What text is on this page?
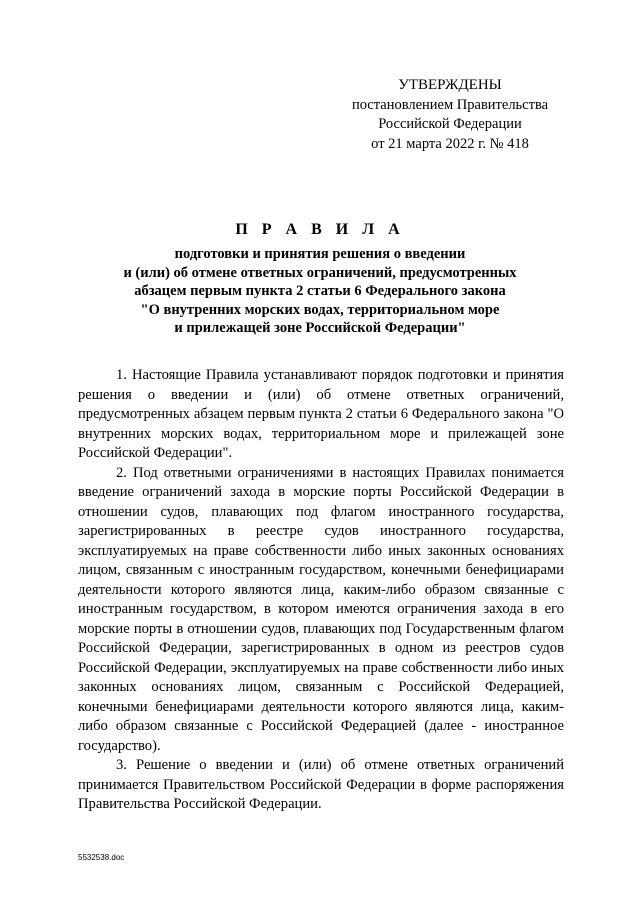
УТВЕРЖДЕНЫ
постановлением Правительства
Российской Федерации
от 21 марта 2022 г. № 418
П Р А В И Л А
подготовки и принятия решения о введении
и (или) об отмене ответных ограничений, предусмотренных
абзацем первым пункта 2 статьи 6 Федерального закона
"О внутренних морских водах, территориальном море
и прилежащей зоне Российской Федерации"

1. Настоящие Правила устанавливают порядок подготовки и принятия решения о введении и (или) об отмене ответных ограничений, предусмотренных абзацем первым пункта 2 статьи 6 Федерального закона "О внутренних морских водах, территориальном море и прилежащей зоне Российской Федерации".

2. Под ответными ограничениями в настоящих Правилах понимается введение ограничений захода в морские порты Российской Федерации в отношении судов, плавающих под флагом иностранного государства, зарегистрированных в реестре судов иностранного государства, эксплуатируемых на праве собственности либо иных законных основаниях лицом, связанным с иностранным государством, конечными бенефициарами деятельности которого являются лица, каким-либо образом связанные с иностранным государством, в котором имеются ограничения захода в его морские порты в отношении судов, плавающих под Государственным флагом Российской Федерации, зарегистрированных в одном из реестров судов Российской Федерации, эксплуатируемых на праве собственности либо иных законных основаниях лицом, связанным с Российской Федерацией, конечными бенефициарами деятельности которого являются лица, каким-либо образом связанные с Российской Федерацией (далее - иностранное государство).

3. Решение о введении и (или) об отмене ответных ограничений принимается Правительством Российской Федерации в форме распоряжения Правительства Российской Федерации.

5532538.doc
